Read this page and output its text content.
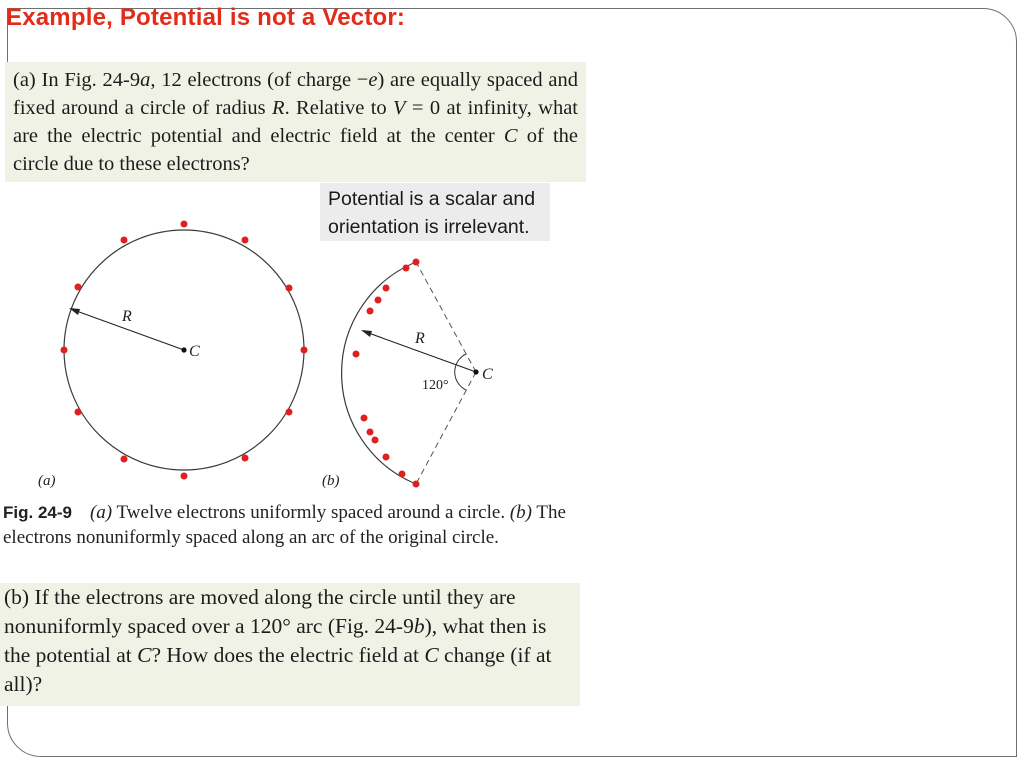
Example, Potential is not a Vector:

(a) In Fig. 24-9a, 12 electrons (of charge −e) are equally spaced and fixed around a circle of radius R. Relative to V = 0 at infinity, what are the electric potential and electric field at the center C of the circle due to these electrons?

R
C
(a)
R
C
120°
(b)

Potential is a scalar and

orientation is irrelevant.

Fig. 24-9 (a) Twelve electrons uniformly spaced around a circle. (b) The electrons nonuniformly spaced along an arc of the original circle.

(b) If the electrons are moved along the circle until they are nonuniformly spaced over a 120° arc (Fig. 24-9b), what then is the potential at C? How does the electric field at C change (if at all)?
